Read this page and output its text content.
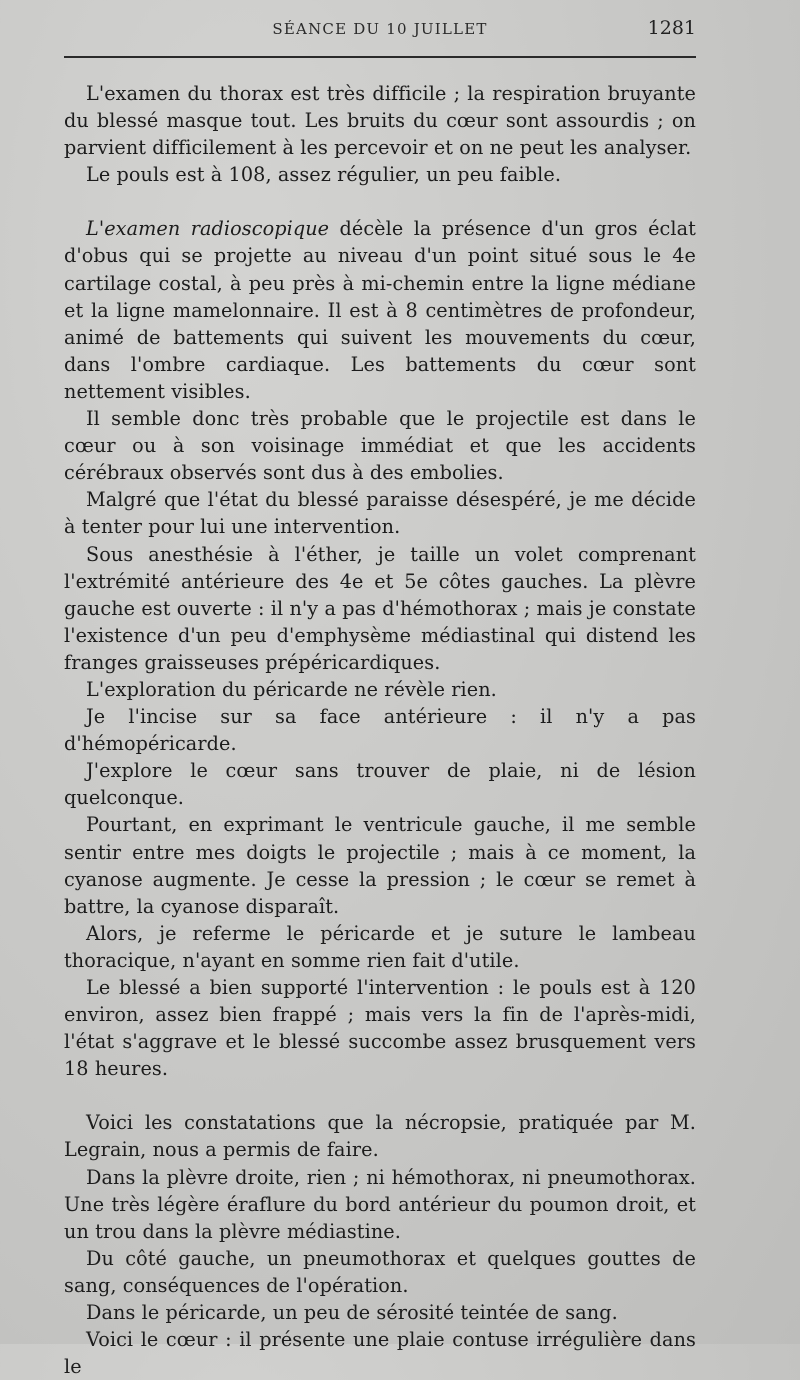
SÉANCE DU 10 JUILLET	1281

L'examen du thorax est très difficile ; la respiration bruyante du blessé masque tout. Les bruits du cœur sont assourdis ; on parvient difficilement à les percevoir et on ne peut les analyser.

Le pouls est à 108, assez régulier, un peu faible.

L'examen radioscopique décèle la présence d'un gros éclat d'obus qui se projette au niveau d'un point situé sous le 4e cartilage costal, à peu près à mi-chemin entre la ligne médiane et la ligne mamelonnaire. Il est à 8 centimètres de profondeur, animé de battements qui suivent les mouvements du cœur, dans l'ombre cardiaque. Les battements du cœur sont nettement visibles.

Il semble donc très probable que le projectile est dans le cœur ou à son voisinage immédiat et que les accidents cérébraux observés sont dus à des embolies.

Malgré que l'état du blessé paraisse désespéré, je me décide à tenter pour lui une intervention.

Sous anesthésie à l'éther, je taille un volet comprenant l'extrémité antérieure des 4e et 5e côtes gauches. La plèvre gauche est ouverte : il n'y a pas d'hémothorax ; mais je constate l'existence d'un peu d'emphysème médiastinal qui distend les franges graisseuses prépéricardiques.

L'exploration du péricarde ne révèle rien.

Je l'incise sur sa face antérieure : il n'y a pas d'hémopéricarde.

J'explore le cœur sans trouver de plaie, ni de lésion quelconque.

Pourtant, en exprimant le ventricule gauche, il me semble sentir entre mes doigts le projectile ; mais à ce moment, la cyanose augmente. Je cesse la pression ; le cœur se remet à battre, la cyanose disparaît.

Alors, je referme le péricarde et je suture le lambeau thoracique, n'ayant en somme rien fait d'utile.

Le blessé a bien supporté l'intervention : le pouls est à 120 environ, assez bien frappé ; mais vers la fin de l'après-midi, l'état s'aggrave et le blessé succombe assez brusquement vers 18 heures.

Voici les constatations que la nécropsie, pratiquée par M. Legrain, nous a permis de faire.

Dans la plèvre droite, rien ; ni hémothorax, ni pneumothorax. Une très légère éraflure du bord antérieur du poumon droit, et un trou dans la plèvre médiastine.

Du côté gauche, un pneumothorax et quelques gouttes de sang, conséquences de l'opération.

Dans le péricarde, un peu de sérosité teintée de sang.

Voici le cœur : il présente une plaie contuse irrégulière dans le
